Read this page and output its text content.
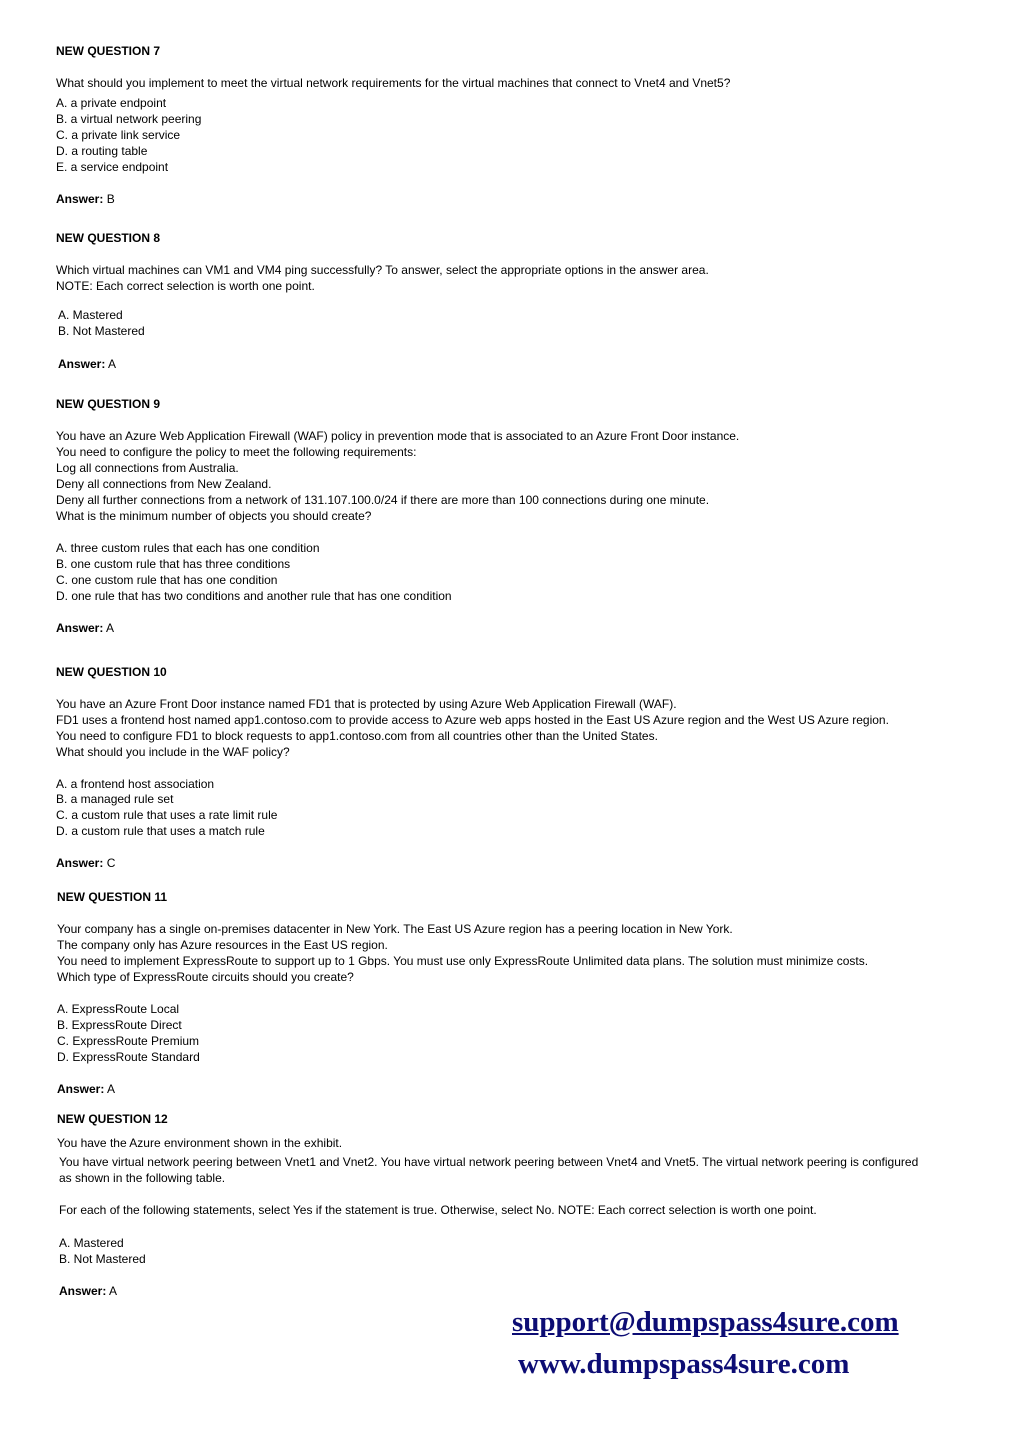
NEW QUESTION 7
What should you implement to meet the virtual network requirements for the virtual machines that connect to Vnet4 and Vnet5?
A. a private endpoint
B. a virtual network peering
C. a private link service
D. a routing table
E. a service endpoint
Answer: B
NEW QUESTION 8
Which virtual machines can VM1 and VM4 ping successfully? To answer, select the appropriate options in the answer area.
NOTE: Each correct selection is worth one point.
A. Mastered
B. Not Mastered
Answer: A
NEW QUESTION 9
You have an Azure Web Application Firewall (WAF) policy in prevention mode that is associated to an Azure Front Door instance.
You need to configure the policy to meet the following requirements:
Log all connections from Australia.
Deny all connections from New Zealand.
Deny all further connections from a network of 131.107.100.0/24 if there are more than 100 connections during one minute.
What is the minimum number of objects you should create?
A. three custom rules that each has one condition
B. one custom rule that has three conditions
C. one custom rule that has one condition
D. one rule that has two conditions and another rule that has one condition
Answer: A
NEW QUESTION 10
You have an Azure Front Door instance named FD1 that is protected by using Azure Web Application Firewall (WAF).
FD1 uses a frontend host named app1.contoso.com to provide access to Azure web apps hosted in the East US Azure region and the West US Azure region.
You need to configure FD1 to block requests to app1.contoso.com from all countries other than the United States.
What should you include in the WAF policy?
A. a frontend host association
B. a managed rule set
C. a custom rule that uses a rate limit rule
D. a custom rule that uses a match rule
Answer: C
NEW QUESTION 11
Your company has a single on-premises datacenter in New York. The East US Azure region has a peering location in New York.
The company only has Azure resources in the East US region.
You need to implement ExpressRoute to support up to 1 Gbps. You must use only ExpressRoute Unlimited data plans. The solution must minimize costs.
Which type of ExpressRoute circuits should you create?
A. ExpressRoute Local
B. ExpressRoute Direct
C. ExpressRoute Premium
D. ExpressRoute Standard
Answer: A
NEW QUESTION 12
You have the Azure environment shown in the exhibit.
You have virtual network peering between Vnet1 and Vnet2. You have virtual network peering between Vnet4 and Vnet5. The virtual network peering is configured
as shown in the following table.
For each of the following statements, select Yes if the statement is true. Otherwise, select No. NOTE: Each correct selection is worth one point.
A. Mastered
B. Not Mastered
Answer: A
support@dumpspass4sure.com
www.dumpspass4sure.com
